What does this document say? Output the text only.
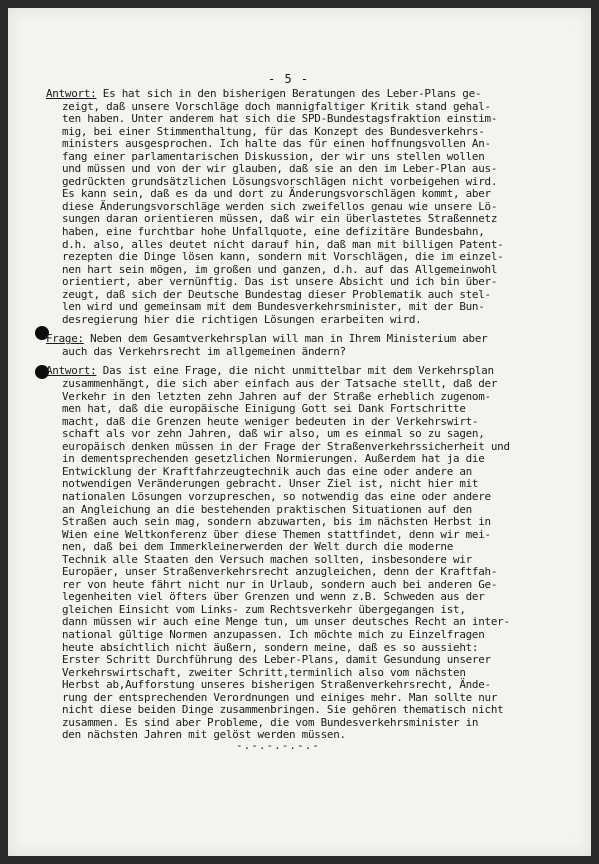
- 5 -
Antwort: Es hat sich in den bisherigen Beratungen des Leber-Plans ge-
zeigt, daß unsere Vorschläge doch mannigfaltiger Kritik stand gehal-
ten haben. Unter anderem hat sich die SPD-Bundestagsfraktion einstim-
mig, bei einer Stimmenthaltung, für das Konzept des Bundesverkehrs-
ministers ausgesprochen. Ich halte das für einen hoffnungsvollen An-
fang einer parlamentarischen Diskussion, der wir uns stellen wollen
und müssen und von der wir glauben, daß sie an den im Leber-Plan aus-
gedrückten grundsätzlichen Lösungsvorschlägen nicht vorbeigehen wird.
Es kann sein, daß es da und dort zu Änderungsvorschlägen kommt, aber
diese Änderungsvorschläge werden sich zweifellos genau wie unsere Lö-
sungen daran orientieren müssen, daß wir ein überlastetes Straßennetz
haben, eine furchtbar hohe Unfallquote, eine defizitäre Bundesbahn,
d.h. also, alles deutet nicht darauf hin, daß man mit billigen Patent-
rezepten die Dinge lösen kann, sondern mit Vorschlägen, die im einzel-
nen hart sein mögen, im großen und ganzen, d.h. auf das Allgemeinwohl
orientiert, aber vernünftig. Das ist unsere Absicht und ich bin über-
zeugt, daß sich der Deutsche Bundestag dieser Problematik auch stel-
len wird und gemeinsam mit dem Bundesverkehrsminister, mit der Bun-
desregierung hier die richtigen Lösungen erarbeiten wird.
Frage: Neben dem Gesamtverkehrsplan will man in Ihrem Ministerium aber
auch das Verkehrsrecht im allgemeinen ändern?
Antwort: Das ist eine Frage, die nicht unmittelbar mit dem Verkehrsplan
zusammenhängt, die sich aber einfach aus der Tatsache stellt, daß der
Verkehr in den letzten zehn Jahren auf der Straße erheblich zugenom-
men hat, daß die europäische Einigung Gott sei Dank Fortschritte
macht, daß die Grenzen heute weniger bedeuten in der Verkehrswirt-
schaft als vor zehn Jahren, daß wir also, um es einmal so zu sagen,
europäisch denken müssen in der Frage der Straßenverkehrssicherheit und
in dementsprechenden gesetzlichen Normierungen. Außerdem hat ja die
Entwicklung der Kraftfahrzeugtechnik auch das eine oder andere an
notwendigen Veränderungen gebracht. Unser Ziel ist, nicht hier mit
nationalen Lösungen vorzupreschen, so notwendig das eine oder andere
an Angleichung an die bestehenden praktischen Situationen auf den
Straßen auch sein mag, sondern abzuwarten, bis im nächsten Herbst in
Wien eine Weltkonferenz über diese Themen stattfindet, denn wir mei-
nen, daß bei dem Immerkleinerwerden der Welt durch die moderne
Technik alle Staaten den Versuch machen sollten, insbesondere wir
Europäer, unser Straßenverkehrsrecht anzugleichen, denn der Kraftfah-
rer von heute fährt nicht nur in Urlaub, sondern auch bei anderen Ge-
legenheiten viel öfters über Grenzen und wenn z.B. Schweden aus der
gleichen Einsicht vom Links- zum Rechtsverkehr übergegangen ist,
dann müssen wir auch eine Menge tun, um unser deutsches Recht an inter-
national gültige Normen anzupassen. Ich möchte mich zu Einzelfragen
heute absichtlich nicht äußern, sondern meine, daß es so aussieht:
Erster Schritt Durchführung des Leber-Plans, damit Gesundung unserer
Verkehrswirtschaft, zweiter Schritt,terminlich also vom nächsten
Herbst ab,Aufforstung unseres bisherigen Straßenverkehrsrecht, Ände-
rung der entsprechenden Verordnungen und einiges mehr. Man sollte nur
nicht diese beiden Dinge zusammenbringen. Sie gehören thematisch nicht
zusammen. Es sind aber Probleme, die vom Bundesverkehrsminister in
den nächsten Jahren mit gelöst werden müssen.
-.-.-.-.-.-
